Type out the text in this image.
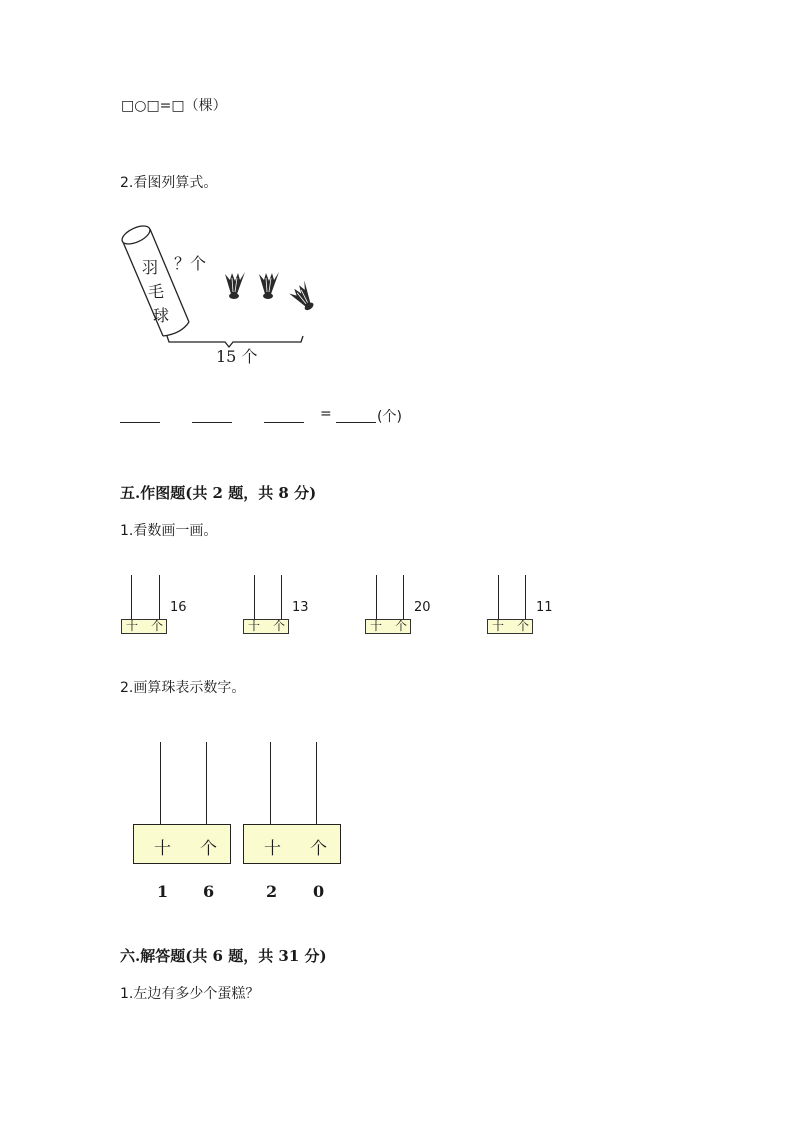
□○□=□（棵）
2.看图列算式。
羽
毛
球
？个
15 个
=	(个)
五.作图题(共 2 题，共 8 分)
1.看数画一画。
十 个
16
十 个
13
十 个
20
十 个
11
2.画算珠表示数字。
十 个
1 6
十 个
2 0
六.解答题(共 6 题，共 31 分)
1.左边有多少个蛋糕？
